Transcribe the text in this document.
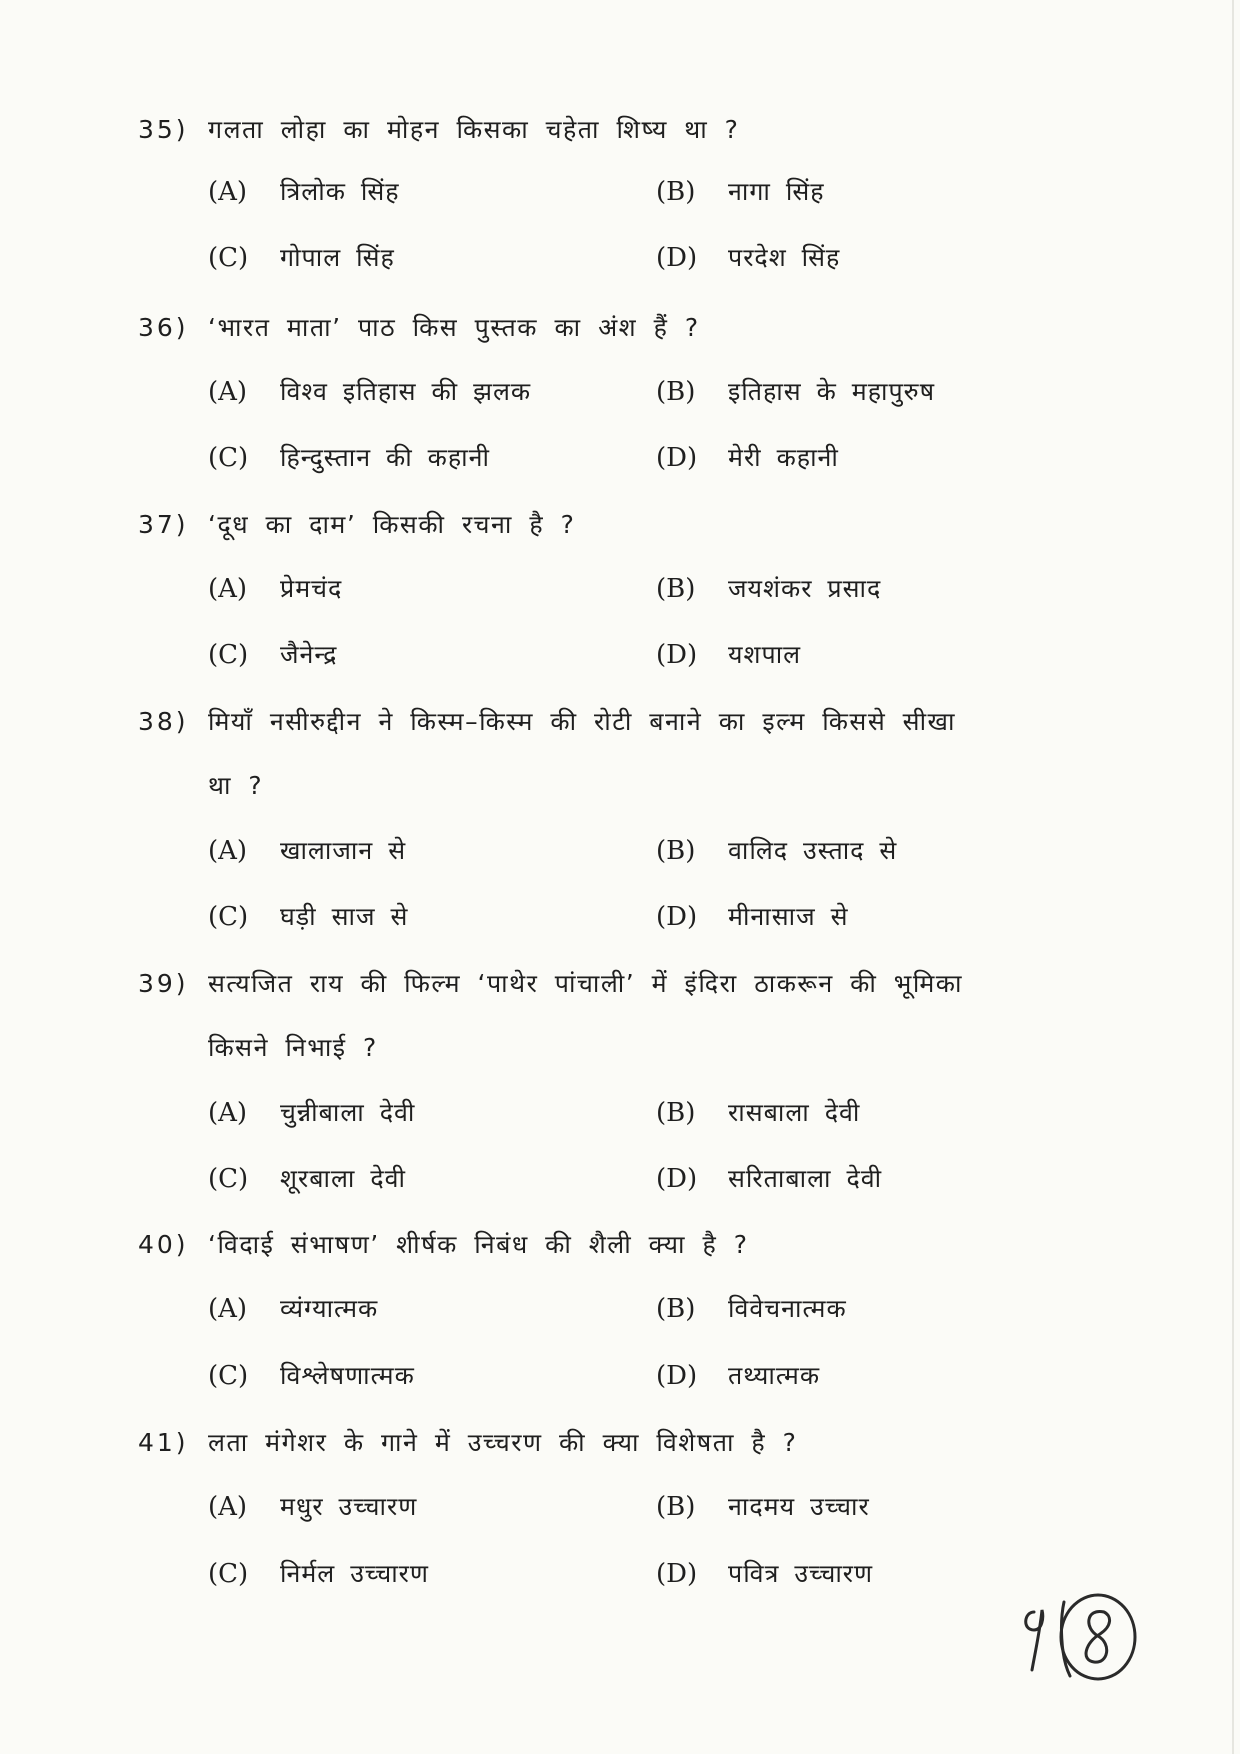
35) गलता लोहा का मोहन किसका चहेता शिष्य था ?
(A) त्रिलोक सिंह	(B) नागा सिंह
(C) गोपाल सिंह	(D) परदेश सिंह
36) ‘भारत माता’ पाठ किस पुस्तक का अंश हैं ?
(A) विश्व इतिहास की झलक	(B) इतिहास के महापुरुष
(C) हिन्दुस्तान की कहानी	(D) मेरी कहानी
37) ‘दूध का दाम’ किसकी रचना है ?
(A) प्रेमचंद	(B) जयशंकर प्रसाद
(C) जैनेन्द्र	(D) यशपाल
38) मियाँ नसीरुद्दीन ने किस्म–किस्म की रोटी बनाने का इल्म किससे सीखा
था ?
(A) खालाजान से	(B) वालिद उस्ताद से
(C) घड़ी साज से	(D) मीनासाज से
39) सत्यजित राय की फिल्म ‘पाथेर पांचाली’ में इंदिरा ठाकरून की भूमिका
किसने निभाई ?
(A) चुन्नीबाला देवी	(B) रासबाला देवी
(C) शूरबाला देवी	(D) सरिताबाला देवी
40) ‘विदाई संभाषण’ शीर्षक निबंध की शैली क्या है ?
(A) व्यंग्यात्मक	(B) विवेचनात्मक
(C) विश्लेषणात्मक	(D) तथ्यात्मक
41) लता मंगेशर के गाने में उच्चरण की क्या विशेषता है ?
(A) मधुर उच्चारण	(B) नादमय उच्चार
(C) निर्मल उच्चारण	(D) पवित्र उच्चारण
